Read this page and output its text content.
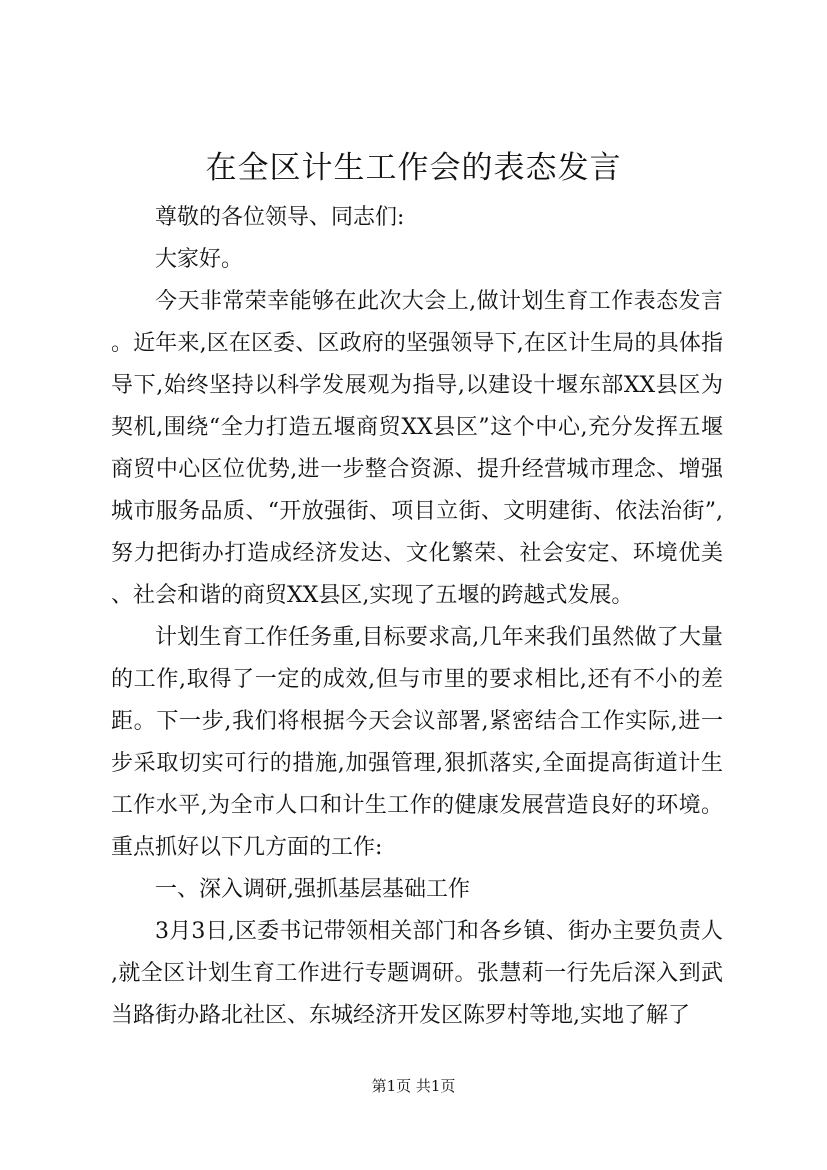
在全区计生工作会的表态发言

尊敬的各位领导、同志们:

大家好。

今天非常荣幸能够在此次大会上,做计划生育工作表态发言。近年来,区在区委、区政府的坚强领导下,在区计生局的具体指导下,始终坚持以科学发展观为指导,以建设十堰东部XX县区为契机,围绕“全力打造五堰商贸XX县区”这个中心,充分发挥五堰商贸中心区位优势,进一步整合资源、提升经营城市理念、增强城市服务品质、“开放强街、项目立街、文明建街、依法治街”,努力把街办打造成经济发达、文化繁荣、社会安定、环境优美、社会和谐的商贸XX县区,实现了五堰的跨越式发展。

计划生育工作任务重,目标要求高,几年来我们虽然做了大量的工作,取得了一定的成效,但与市里的要求相比,还有不小的差距。下一步,我们将根据今天会议部署,紧密结合工作实际,进一步采取切实可行的措施,加强管理,狠抓落实,全面提高街道计生工作水平,为全市人口和计生工作的健康发展营造良好的环境。重点抓好以下几方面的工作:

一、深入调研,强抓基层基础工作

3月3日,区委书记带领相关部门和各乡镇、街办主要负责人,就全区计划生育工作进行专题调研。张慧莉一行先后深入到武当路街办路北社区、东城经济开发区陈罗村等地,实地了解了

第1页 共1页
